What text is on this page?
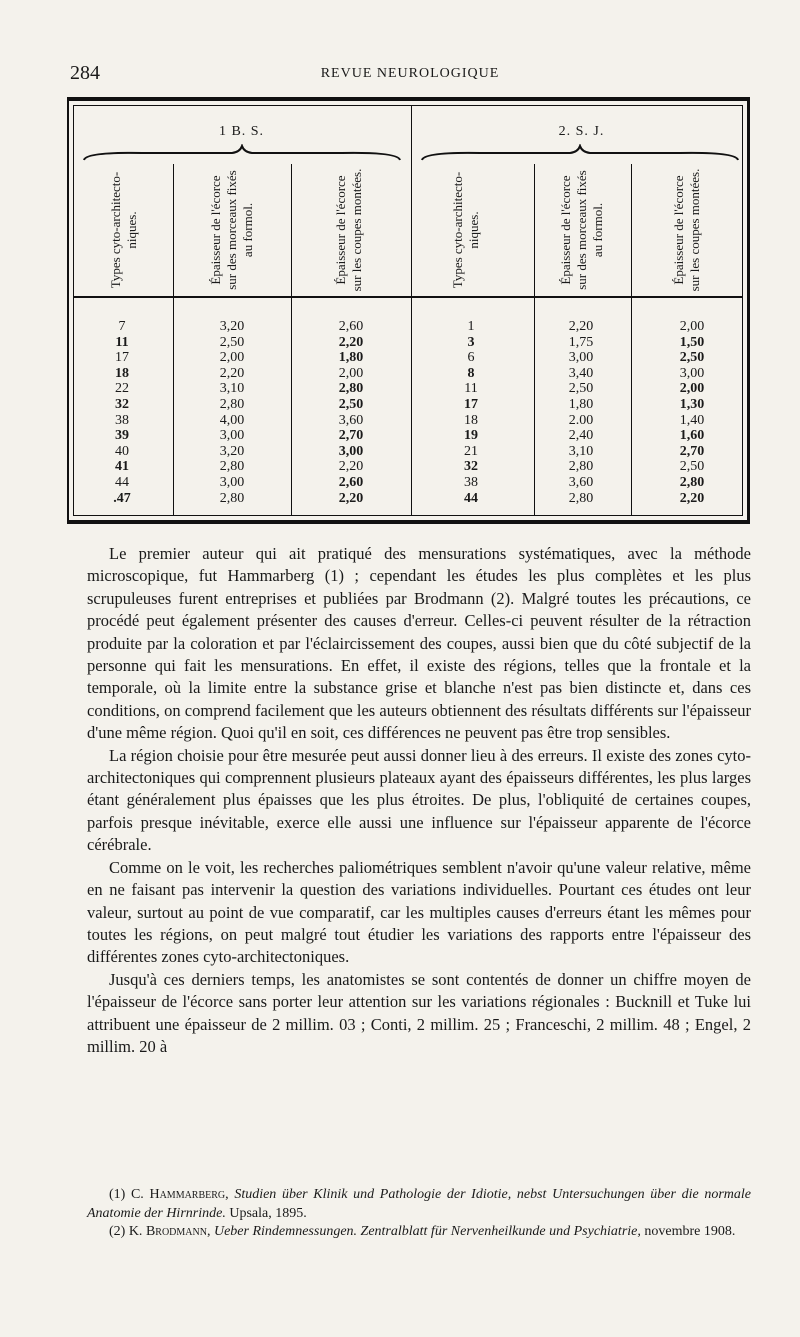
284	REVUE NEUROLOGIQUE
1 B. S.	2. S. J.
Types cyto-architecto- niques.	Épaisseur de l'écorce sur des morceaux fixés au formol.	Épaisseur de l'écorce sur les coupes montées.	Types cyto-architecto- niques.	Épaisseur de l'écorce sur des morceaux fixés au formol.	Épaisseur de l'écorce sur les coupes montées.
7	3,20	2,60	1	2,20	2,00
11	2,50	2,20	3	1,75	1,50
17	2,00	1,80	6	3,00	2,50
18	2,20	2,00	8	3,40	3,00
22	3,10	2,80	11	2,50	2,00
32	2,80	2,50	17	1,80	1,30
38	4,00	3,60	18	2.00	1,40
39	3,00	2,70	19	2,40	1,60
40	3,20	3,00	21	3,10	2,70
41	2,80	2,20	32	2,80	2,50
44	3,00	2,60	38	3,60	2,80
.47	2,80	2,20	44	2,80	2,20

Le premier auteur qui ait pratiqué des mensurations systématiques, avec la méthode microscopique, fut Hammarberg (1) ; cependant les études les plus complètes et les plus scrupuleuses furent entreprises et publiées par Brodmann (2). Malgré toutes les précautions, ce procédé peut également présenter des causes d'erreur. Celles-ci peuvent résulter de la rétraction produite par la coloration et par l'éclaircissement des coupes, aussi bien que du côté subjectif de la personne qui fait les mensurations. En effet, il existe des régions, telles que la frontale et la temporale, où la limite entre la substance grise et blanche n'est pas bien distincte et, dans ces conditions, on comprend facilement que les auteurs obtiennent des résultats différents sur l'épaisseur d'une même région. Quoi qu'il en soit, ces différences ne peuvent pas être trop sensibles.

La région choisie pour être mesurée peut aussi donner lieu à des erreurs. Il existe des zones cyto-architectoniques qui comprennent plusieurs plateaux ayant des épaisseurs différentes, les plus larges étant généralement plus épaisses que les plus étroites. De plus, l'obliquité de certaines coupes, parfois presque inévitable, exerce elle aussi une influence sur l'épaisseur apparente de l'écorce cérébrale.

Comme on le voit, les recherches paliométriques semblent n'avoir qu'une valeur relative, même en ne faisant pas intervenir la question des variations individuelles. Pourtant ces études ont leur valeur, surtout au point de vue comparatif, car les multiples causes d'erreurs étant les mêmes pour toutes les régions, on peut malgré tout étudier les variations des rapports entre l'épaisseur des différentes zones cyto-architectoniques.

Jusqu'à ces derniers temps, les anatomistes se sont contentés de donner un chiffre moyen de l'épaisseur de l'écorce sans porter leur attention sur les variations régionales : Bucknill et Tuke lui attribuent une épaisseur de 2 millim. 03 ; Conti, 2 millim. 25 ; Franceschi, 2 millim. 48 ; Engel, 2 millim. 20 à

(1) C. Hammarberg, Studien über Klinik und Pathologie der Idiotie, nebst Untersuchungen über die normale Anatomie der Hirnrinde. Upsala, 1895.

(2) K. Brodmann, Ueber Rindemnessungen. Zentralblatt für Nervenheilkunde und Psychiatrie, novembre 1908.
